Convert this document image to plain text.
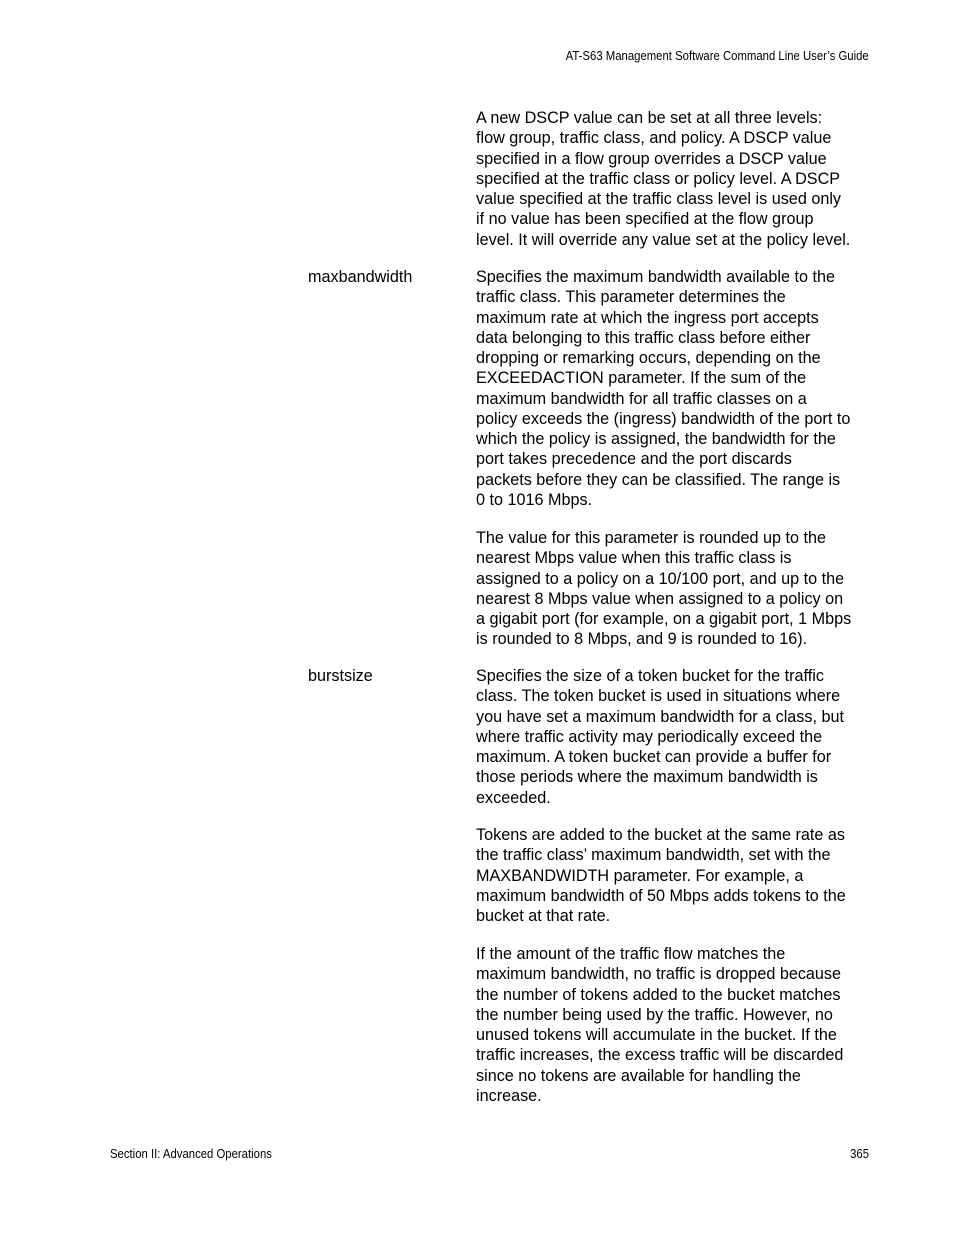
AT-S63 Management Software Command Line User’s Guide
A new DSCP value can be set at all three levels:
flow group, traffic class, and policy. A DSCP value
specified in a flow group overrides a DSCP value
specified at the traffic class or policy level. A DSCP
value specified at the traffic class level is used only
if no value has been specified at the flow group
level. It will override any value set at the policy level.
maxbandwidth	Specifies the maximum bandwidth available to the
traffic class. This parameter determines the
maximum rate at which the ingress port accepts
data belonging to this traffic class before either
dropping or remarking occurs, depending on the
EXCEEDACTION parameter. If the sum of the
maximum bandwidth for all traffic classes on a
policy exceeds the (ingress) bandwidth of the port to
which the policy is assigned, the bandwidth for the
port takes precedence and the port discards
packets before they can be classified. The range is
0 to 1016 Mbps.
The value for this parameter is rounded up to the
nearest Mbps value when this traffic class is
assigned to a policy on a 10/100 port, and up to the
nearest 8 Mbps value when assigned to a policy on
a gigabit port (for example, on a gigabit port, 1 Mbps
is rounded to 8 Mbps, and 9 is rounded to 16).
burstsize	Specifies the size of a token bucket for the traffic
class. The token bucket is used in situations where
you have set a maximum bandwidth for a class, but
where traffic activity may periodically exceed the
maximum. A token bucket can provide a buffer for
those periods where the maximum bandwidth is
exceeded.
Tokens are added to the bucket at the same rate as
the traffic class’ maximum bandwidth, set with the
MAXBANDWIDTH parameter. For example, a
maximum bandwidth of 50 Mbps adds tokens to the
bucket at that rate.
If the amount of the traffic flow matches the
maximum bandwidth, no traffic is dropped because
the number of tokens added to the bucket matches
the number being used by the traffic. However, no
unused tokens will accumulate in the bucket. If the
traffic increases, the excess traffic will be discarded
since no tokens are available for handling the
increase.
Section II: Advanced Operations	365
